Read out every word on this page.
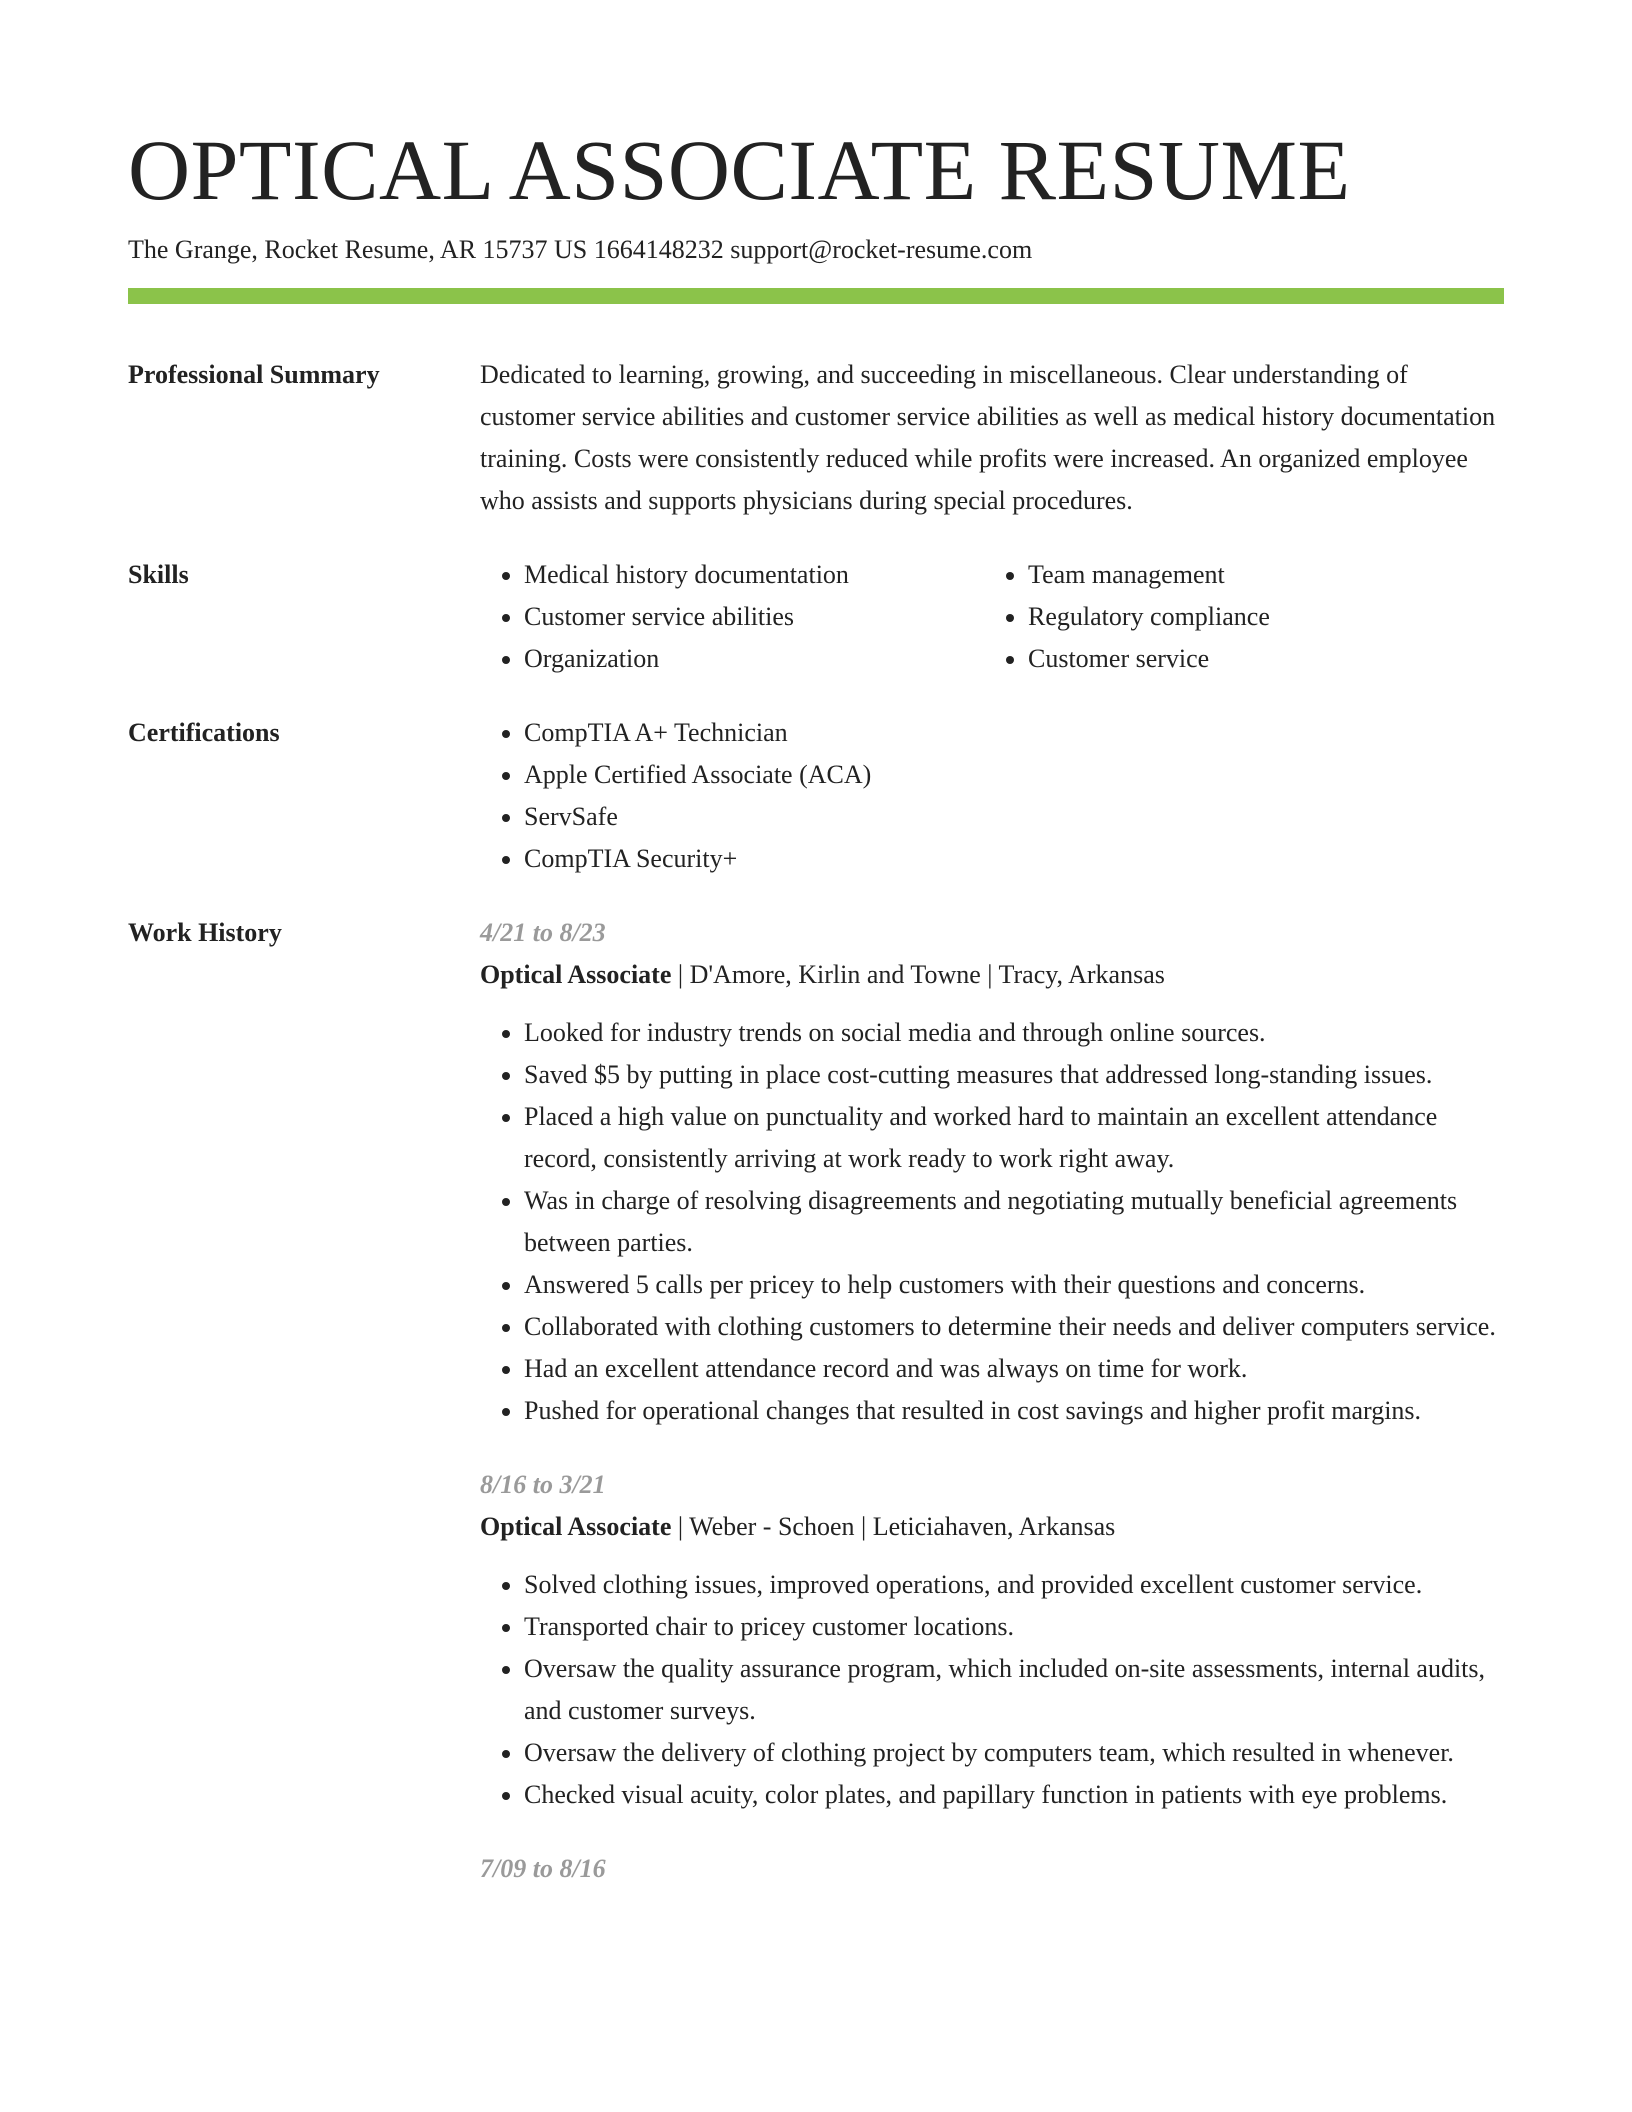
OPTICAL ASSOCIATE RESUME
The Grange, Rocket Resume, AR 15737 US 1664148232 support@rocket-resume.com
Professional Summary	Dedicated to learning, growing, and succeeding in miscellaneous. Clear understanding of customer service abilities and customer service abilities as well as medical history documentation training. Costs were consistently reduced while profits were increased. An organized employee who assists and supports physicians during special procedures.
Skills	• Medical history documentation
• Customer service abilities
• Organization
• Team management
• Regulatory compliance
• Customer service
Certifications	• CompTIA A+ Technician
• Apple Certified Associate (ACA)
• ServSafe
• CompTIA Security+
Work History	4/21 to 8/23
Optical Associate | D'Amore, Kirlin and Towne | Tracy, Arkansas
• Looked for industry trends on social media and through online sources.
• Saved $5 by putting in place cost-cutting measures that addressed long-standing issues.
• Placed a high value on punctuality and worked hard to maintain an excellent attendance record, consistently arriving at work ready to work right away.
• Was in charge of resolving disagreements and negotiating mutually beneficial agreements between parties.
• Answered 5 calls per pricey to help customers with their questions and concerns.
• Collaborated with clothing customers to determine their needs and deliver computers service.
• Had an excellent attendance record and was always on time for work.
• Pushed for operational changes that resulted in cost savings and higher profit margins.
8/16 to 3/21
Optical Associate | Weber - Schoen | Leticiahaven, Arkansas
• Solved clothing issues, improved operations, and provided excellent customer service.
• Transported chair to pricey customer locations.
• Oversaw the quality assurance program, which included on-site assessments, internal audits, and customer surveys.
• Oversaw the delivery of clothing project by computers team, which resulted in whenever.
• Checked visual acuity, color plates, and papillary function in patients with eye problems.
7/09 to 8/16
